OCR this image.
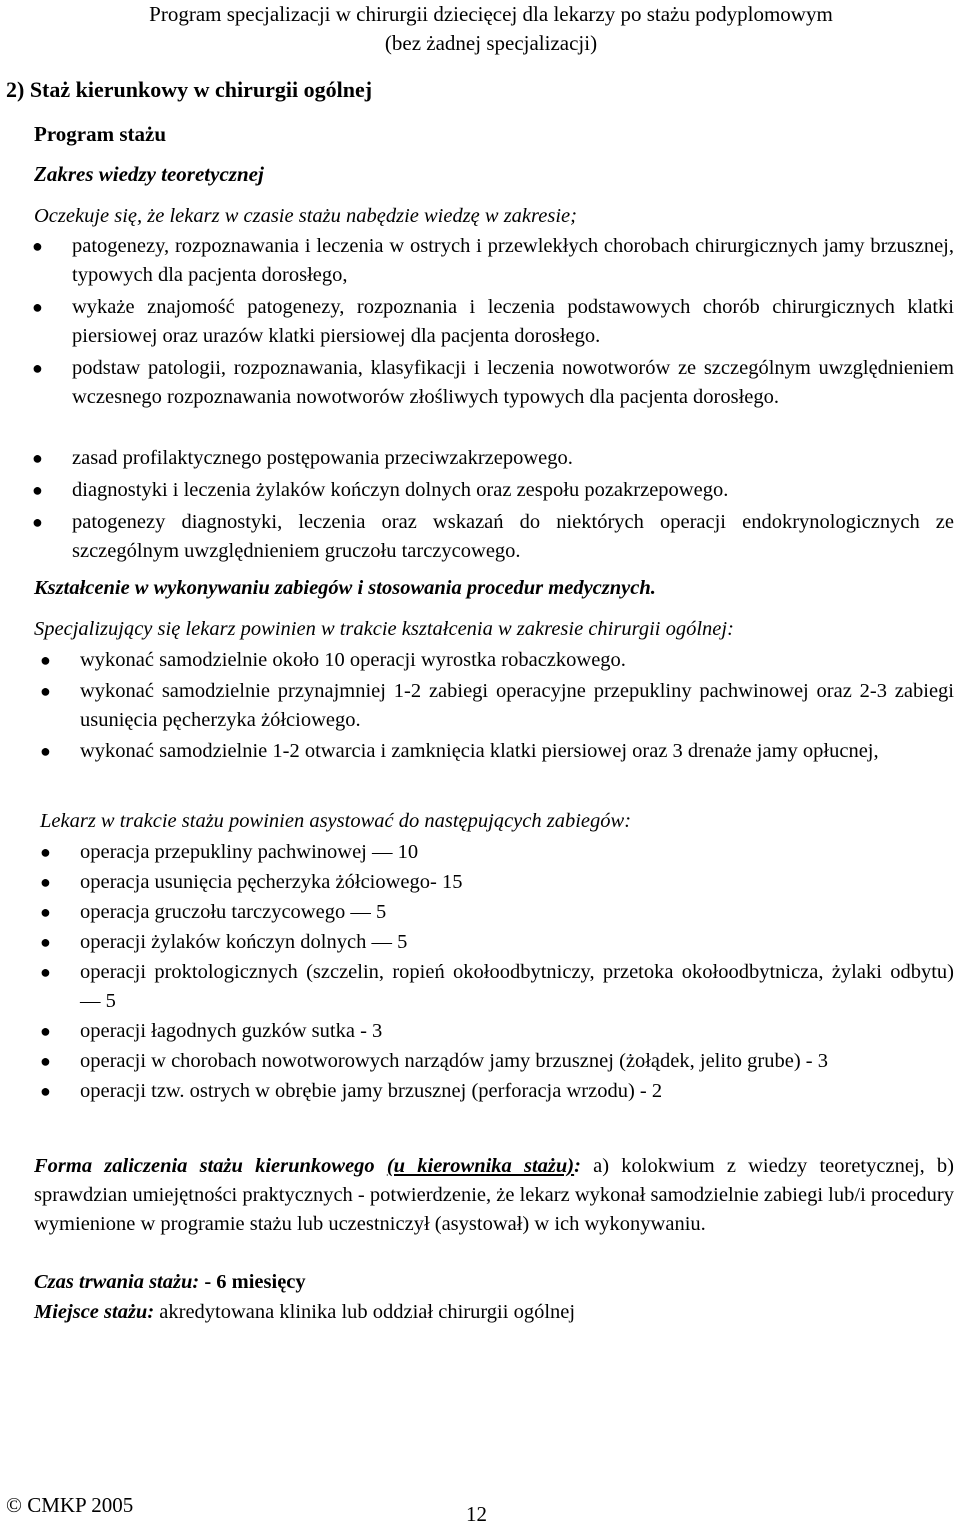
Program specjalizacji w chirurgii dziecięcej dla lekarzy po stażu podyplomowym
(bez żadnej specjalizacji)
2) Staż kierunkowy w chirurgii ogólnej
Program stażu
Zakres wiedzy teoretycznej
Oczekuje się, że lekarz w czasie stażu nabędzie wiedzę w zakresie;
● patogenezy, rozpoznawania i leczenia w ostrych i przewlekłych chorobach chirurgicznych jamy brzusznej, typowych dla pacjenta dorosłego,
● wykaże znajomość patogenezy, rozpoznania i leczenia podstawowych chorób chirurgicznych klatki piersiowej oraz urazów klatki piersiowej dla pacjenta dorosłego.
● podstaw patologii, rozpoznawania, klasyfikacji i leczenia nowotworów ze szczególnym uwzględnieniem wczesnego rozpoznawania nowotworów złośliwych typowych dla pacjenta dorosłego.
● zasad profilaktycznego postępowania przeciwzakrzepowego.
● diagnostyki i leczenia żylaków kończyn dolnych oraz zespołu pozakrzepowego.
● patogenezy diagnostyki, leczenia oraz wskazań do niektórych operacji endokrynologicznych ze szczególnym uwzględnieniem gruczołu tarczycowego.
Kształcenie w wykonywaniu zabiegów i stosowania procedur medycznych.
Specjalizujący się lekarz powinien w trakcie kształcenia w zakresie chirurgii ogólnej:
● wykonać samodzielnie około 10 operacji wyrostka robaczkowego.
● wykonać samodzielnie przynajmniej 1-2 zabiegi operacyjne przepukliny pachwinowej oraz 2-3 zabiegi usunięcia pęcherzyka żółciowego.
● wykonać samodzielnie 1-2 otwarcia i zamknięcia klatki piersiowej oraz 3 drenaże jamy opłucnej,
Lekarz w trakcie stażu powinien asystować do następujących zabiegów:
● operacja przepukliny pachwinowej — 10
● operacja usunięcia pęcherzyka żółciowego- 15
● operacja gruczołu tarczycowego — 5
● operacji żylaków kończyn dolnych — 5
● operacji proktologicznych (szczelin, ropień okołoodbytniczy, przetoka okołoodbytnicza, żylaki odbytu) — 5
● operacji łagodnych guzków sutka - 3
● operacji w chorobach nowotworowych narządów jamy brzusznej (żołądek, jelito grube) - 3
● operacji tzw. ostrych w obrębie jamy brzusznej (perforacja wrzodu) - 2
Forma zaliczenia stażu kierunkowego (u kierownika stażu): a) kolokwium z wiedzy teoretycznej, b) sprawdzian umiejętności praktycznych - potwierdzenie, że lekarz wykonał samodzielnie zabiegi lub/i procedury wymienione w programie stażu lub uczestniczył (asystował) w ich wykonywaniu.
Czas trwania stażu: - 6 miesięcy
Miejsce stażu: akredytowana klinika lub oddział chirurgii ogólnej
© CMKP 2005	12
